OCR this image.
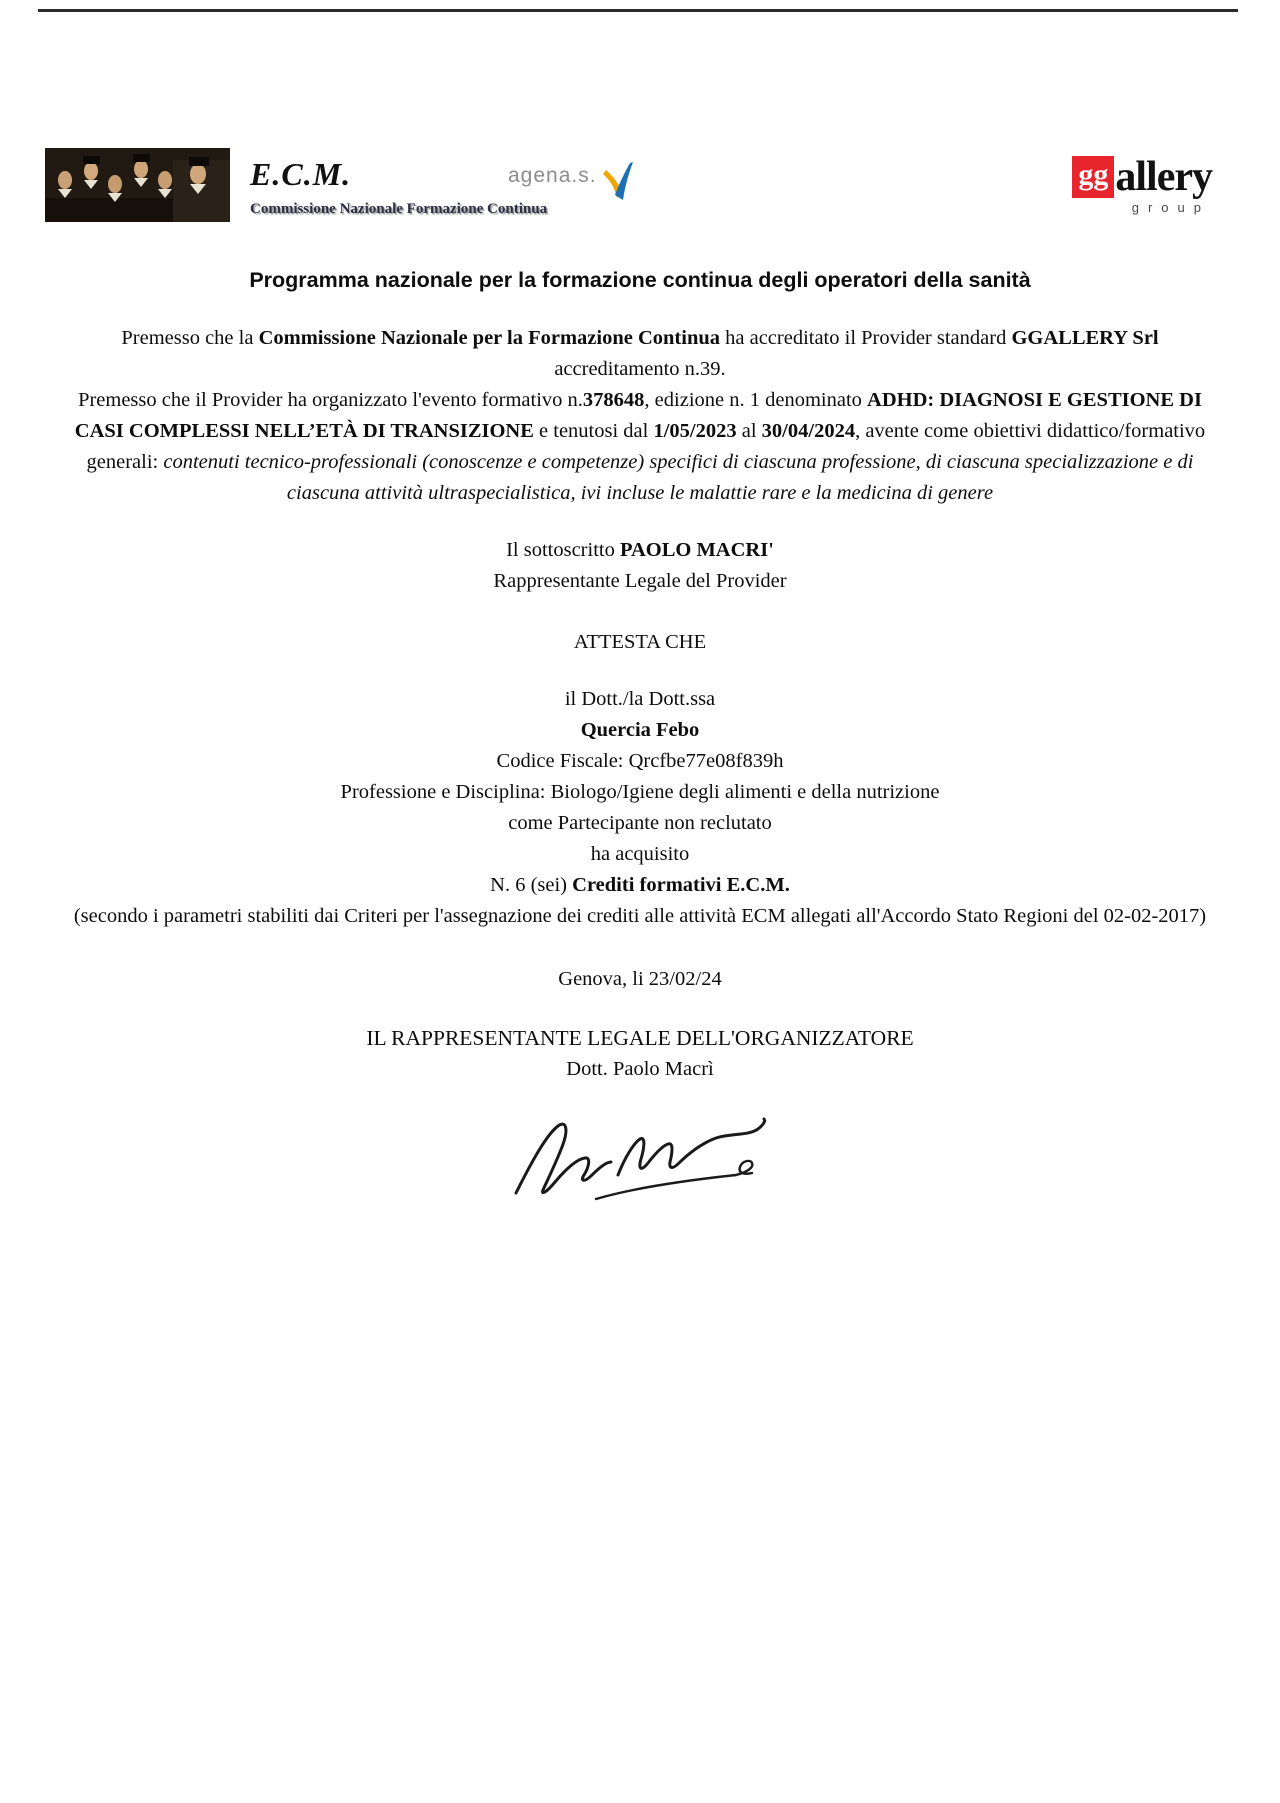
E.C.M.
Commissione Nazionale Formazione Continua
agena.s.	gg allery
group
Programma nazionale per la formazione continua degli operatori della sanità

Premesso che la Commissione Nazionale per la Formazione Continua ha accreditato il Provider standard GGALLERY Srl accreditamento n.39.

Premesso che il Provider ha organizzato l'evento formativo n.378648, edizione n. 1 denominato ADHD: DIAGNOSI E GESTIONE DI CASI COMPLESSI NELL’ETÀ DI TRANSIZIONE e tenutosi dal 1/05/2023 al 30/04/2024, avente come obiettivi didattico/formativo generali: contenuti tecnico-professionali (conoscenze e competenze) specifici di ciascuna professione, di ciascuna specializzazione e di ciascuna attività ultraspecialistica, ivi incluse le malattie rare e la medicina di genere

Il sottoscritto PAOLO MACRI'

Rappresentante Legale del Provider

ATTESTA CHE

il Dott./la Dott.ssa

Quercia Febo

Codice Fiscale: Qrcfbe77e08f839h

Professione e Disciplina: Biologo/Igiene degli alimenti e della nutrizione

come Partecipante non reclutato

ha acquisito

N. 6 (sei) Crediti formativi E.C.M.

(secondo i parametri stabiliti dai Criteri per l'assegnazione dei crediti alle attività ECM allegati all'Accordo Stato Regioni del 02-02-2017)

Genova, li 23/02/24

IL RAPPRESENTANTE LEGALE DELL'ORGANIZZATORE

Dott. Paolo Macrì
